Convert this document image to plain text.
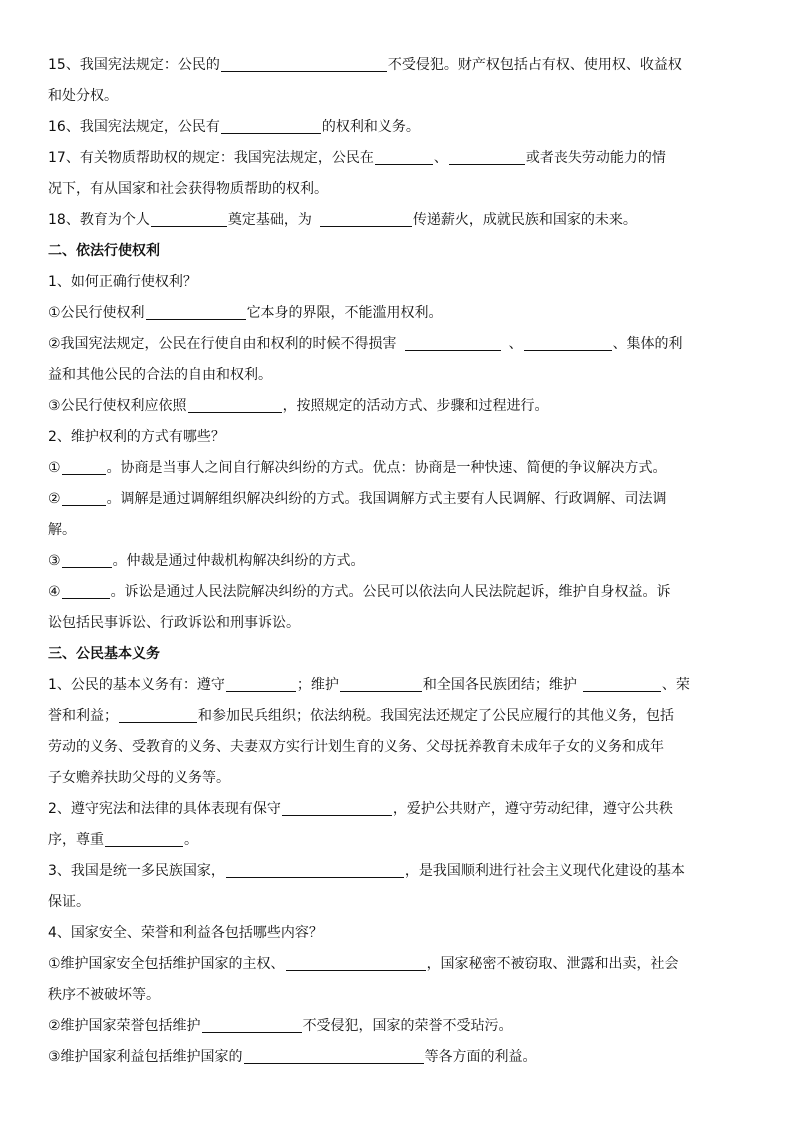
15、我国宪法规定：公民的	不受侵犯。财产权包括占有权、使用权、收益权
和处分权。
16、我国宪法规定，公民有	的权利和义务。
17、有关物质帮助权的规定：我国宪法规定，公民在	、	或者丧失劳动能力的情
况下，有从国家和社会获得物质帮助的权利。
18、教育为个人	奠定基础，为	传递薪火，成就民族和国家的未来。
二、依法行使权利
1、如何正确行使权利？
①公民行使权利	它本身的界限，不能滥用权利。
②我国宪法规定，公民在行使自由和权利的时候不得损害	、	、集体的利
益和其他公民的合法的自由和权利。
③公民行使权利应依照	，按照规定的活动方式、步骤和过程进行。
2、维护权利的方式有哪些？
①	。协商是当事人之间自行解决纠纷的方式。优点：协商是一种快速、简便的争议解决方式。
②	。调解是通过调解组织解决纠纷的方式。我国调解方式主要有人民调解、行政调解、司法调
解。
③	。仲裁是通过仲裁机构解决纠纷的方式。
④	。诉讼是通过人民法院解决纠纷的方式。公民可以依法向人民法院起诉，维护自身权益。诉
讼包括民事诉讼、行政诉讼和刑事诉讼。
三、公民基本义务
1、公民的基本义务有：遵守	；维护	和全国各民族团结；维护	、荣
誉和利益；	和参加民兵组织；依法纳税。我国宪法还规定了公民应履行的其他义务，包括
劳动的义务、受教育的义务、夫妻双方实行计划生育的义务、父母抚养教育未成年子女的义务和成年
子女赡养扶助父母的义务等。
2、遵守宪法和法律的具体表现有保守	，爱护公共财产，遵守劳动纪律，遵守公共秩
序，尊重	。
3、我国是统一多民族国家，	，是我国顺利进行社会主义现代化建设的基本
保证。
4、国家安全、荣誉和利益各包括哪些内容？
①维护国家安全包括维护国家的主权、	，国家秘密不被窃取、泄露和出卖，社会
秩序不被破坏等。
②维护国家荣誉包括维护	不受侵犯，国家的荣誉不受玷污。
③维护国家利益包括维护国家的	等各方面的利益。
